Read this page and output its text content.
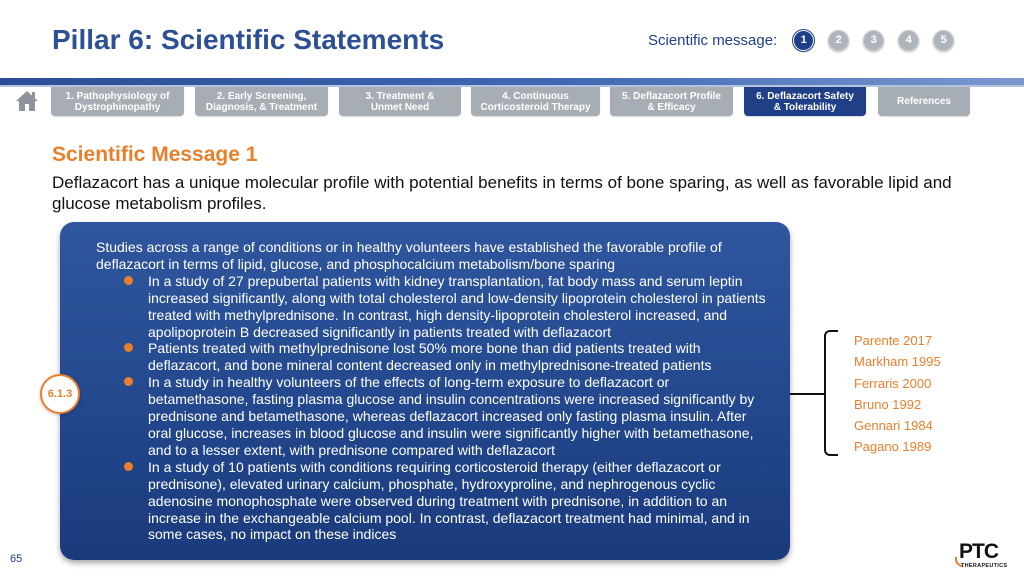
Pillar 6: Scientific Statements	Scientific message:	1	2	3	4	5
1. Pathophysiology of
Dystrophinopathy
2. Early Screening,
Diagnosis, & Treatment
3. Treatment &
Unmet Need
4. Continuous
Corticosteroid Therapy
5. Deflazacort Profile
& Efficacy
6. Deflazacort Safety
& Tolerability	References
Scientific Message 1
Deflazacort has a unique molecular profile with potential benefits in terms of bone sparing, as well as favorable lipid and glucose metabolism profiles.
Studies across a range of conditions or in healthy volunteers have established the favorable profile of deflazacort in terms of lipid, glucose, and phosphocalcium metabolism/bone sparing
In a study of 27 prepubertal patients with kidney transplantation, fat body mass and serum leptin increased significantly, along with total cholesterol and low-density lipoprotein cholesterol in patients treated with methylprednisone. In contrast, high density-lipoprotein cholesterol increased, and apolipoprotein B decreased significantly in patients treated with deflazacort
Patients treated with methylprednisone lost 50% more bone than did patients treated with deflazacort, and bone mineral content decreased only in methylprednisone-treated patients
In a study in healthy volunteers of the effects of long-term exposure to deflazacort or betamethasone, fasting plasma glucose and insulin concentrations were increased significantly by prednisone and betamethasone, whereas deflazacort increased only fasting plasma insulin. After oral glucose, increases in blood glucose and insulin were significantly higher with betamethasone, and to a lesser extent, with prednisone compared with deflazacort
In a study of 10 patients with conditions requiring corticosteroid therapy (either deflazacort or prednisone), elevated urinary calcium, phosphate, hydroxyproline, and nephrogenous cyclic adenosine monophosphate were observed during treatment with prednisone, in addition to an increase in the exchangeable calcium pool. In contrast, deflazacort treatment had minimal, and in some cases, no impact on these indices
6.1.3
Parente 2017
Markham 1995
Ferraris 2000
Bruno 1992
Gennari 1984
Pagano 1989
65	PTC
THERAPEUTICS
